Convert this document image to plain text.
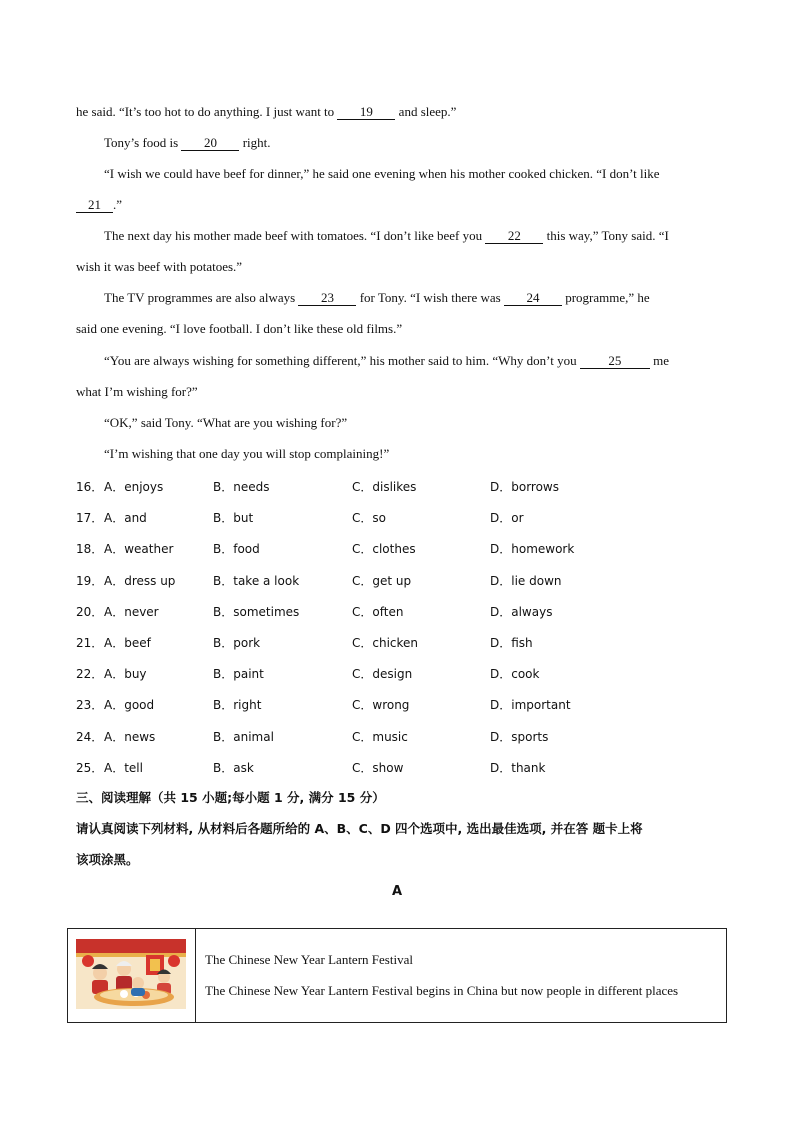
he said. “It’s too hot to do anything. I just want to 19 and sleep.”
Tony’s food is 20 right.
“I wish we could have beef for dinner,” he said one evening when his mother cooked chicken. “I don’t like
21 .”
The next day his mother made beef with tomatoes. “I don’t like beef you 22 this way,” Tony said. “I
wish it was beef with potatoes.”
The TV programmes are also always 23 for Tony. “I wish there was 24 programme,” he
said one evening. “I love football. I don’t like these old films.”
“You are always wishing for something different,” his mother said to him. “Why don’t you 25 me
what I’m wishing for?”
“OK,” said Tony. “What are you wishing for?”
“I’m wishing that one day you will stop complaining!”
16． A．enjoys	B．needs	C．dislikes	D．borrows
17． A．and	B．but	C．so	D．or
18． A．weather	B．food	C．clothes	D．homework
19． A．dress up	B．take a look	C．get up	D．lie down
20． A．never	B．sometimes	C．often	D．always
21． A．beef	B．pork	C．chicken	D．fish
22． A．buy	B．paint	C．design	D．cook
23． A．good	B．right	C．wrong	D．important
24． A．news	B．animal	C．music	D．sports
25． A．tell	B．ask	C．show	D．thank
三、阅读理解（共 15 小题;每小题 1 分, 满分 15 分）
请认真阅读下列材料, 从材料后各题所给的 A、B、C、D 四个选项中, 选出最佳选项, 并在答 题卡上将
该项涂黑。
A
The Chinese New Year Lantern Festival
The Chinese New Year Lantern Festival begins in China but now people in different places
